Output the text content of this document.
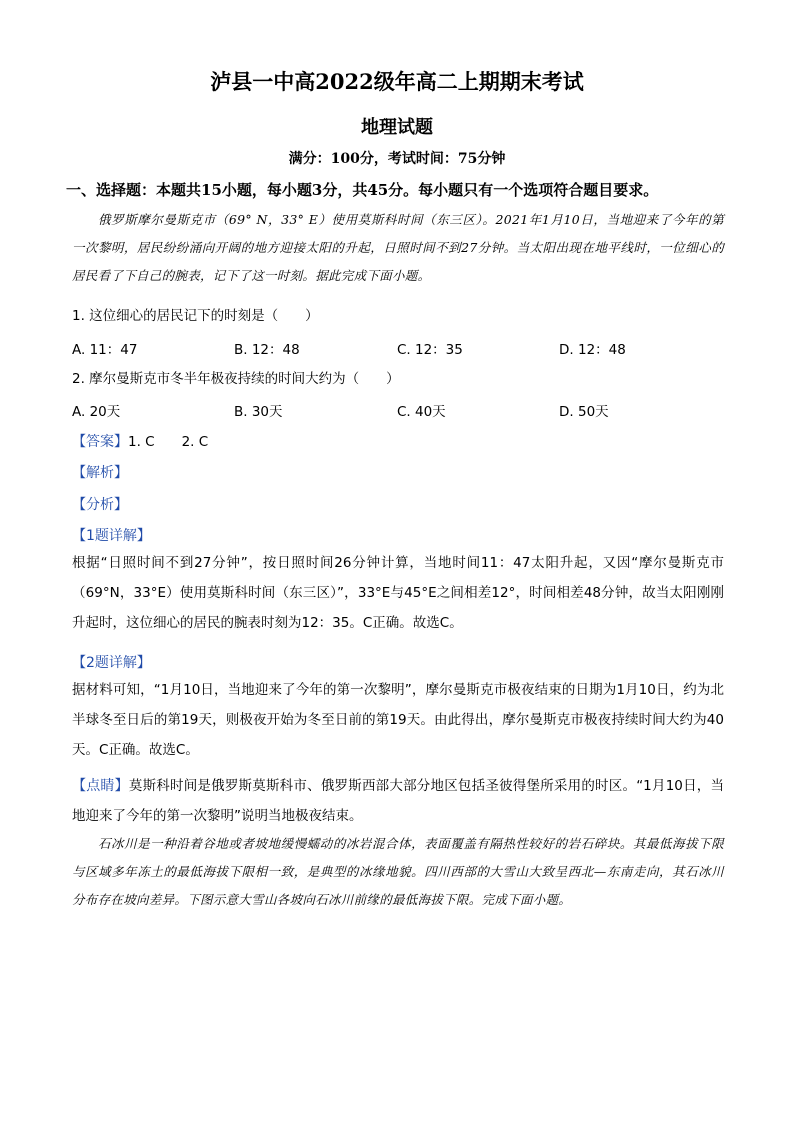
泸县一中高2022级年高二上期期末考试
地理试题
满分：100分，考试时间：75分钟
一、选择题：本题共15小题，每小题3分，共45分。每小题只有一个选项符合题目要求。
俄罗斯摩尔曼斯克市（69° N，33° E）使用莫斯科时间（东三区）。2021年1月10日，当地迎来了今年的第一次黎明，居民纷纷涌向开阔的地方迎接太阳的升起，日照时间不到27分钟。当太阳出现在地平线时，一位细心的居民看了下自己的腕表，记下了这一时刻。据此完成下面小题。
1. 这位细心的居民记下的时刻是（　　）
A. 11：47	B. 12：48	C. 12：35	D. 12：48
2. 摩尔曼斯克市冬半年极夜持续的时间大约为（　　）
A. 20天	B. 30天	C. 40天	D. 50天
【答案】1. C　　2. C
【解析】
【分析】
【1题详解】
根据“日照时间不到27分钟”，按日照时间26分钟计算，当地时间11：47太阳升起，又因“摩尔曼斯克市（69°N，33°E）使用莫斯科时间（东三区）”，33°E与45°E之间相差12°，时间相差48分钟，故当太阳刚刚升起时，这位细心的居民的腕表时刻为12：35。C正确。故选C。
【2题详解】
据材料可知，“1月10日，当地迎来了今年的第一次黎明”，摩尔曼斯克市极夜结束的日期为1月10日，约为北半球冬至日后的第19天，则极夜开始为冬至日前的第19天。由此得出，摩尔曼斯克市极夜持续时间大约为40天。C正确。故选C。
【点睛】莫斯科时间是俄罗斯莫斯科市、俄罗斯西部大部分地区包括圣彼得堡所采用的时区。“1月10日，当地迎来了今年的第一次黎明”说明当地极夜结束。
石冰川是一种沿着谷地或者坡地缓慢蠕动的冰岩混合体，表面覆盖有隔热性较好的岩石碎块。其最低海拔下限与区域多年冻土的最低海拔下限相一致，是典型的冰缘地貌。四川西部的大雪山大致呈西北—东南走向，其石冰川分布存在坡向差异。下图示意大雪山各坡向石冰川前缘的最低海拔下限。完成下面小题。
